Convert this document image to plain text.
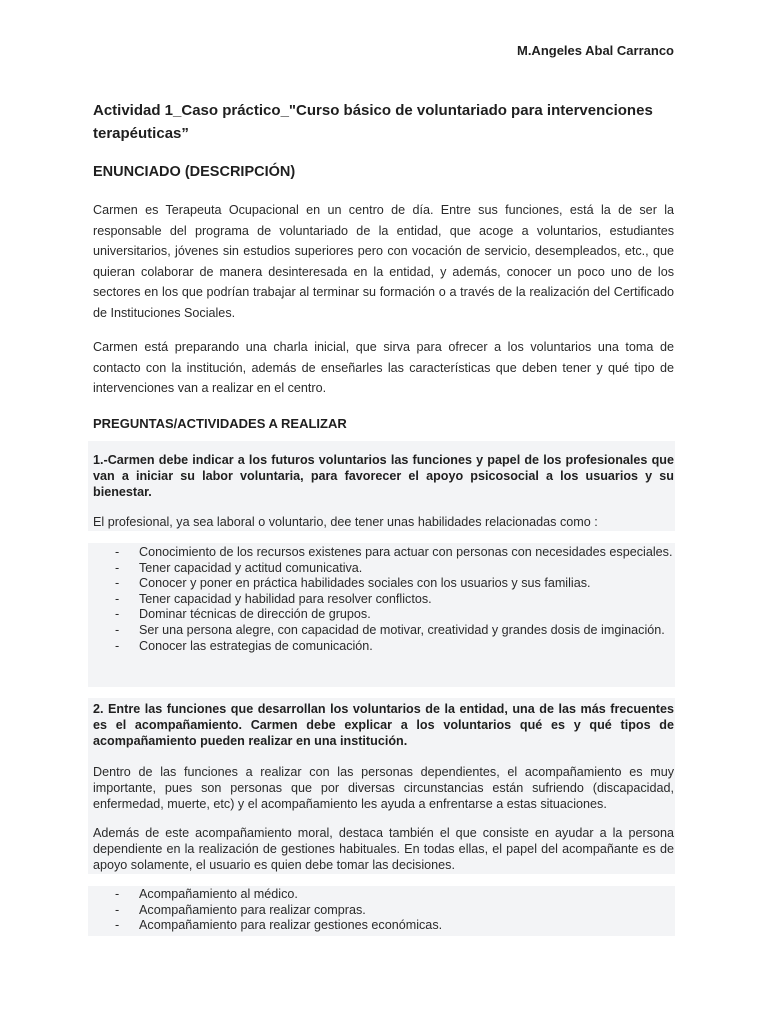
M.Angeles Abal Carranco
Actividad 1_Caso práctico_"Curso básico de voluntariado para intervenciones terapéuticas”
ENUNCIADO (DESCRIPCIÓN)
Carmen es Terapeuta Ocupacional en un centro de día. Entre sus funciones, está la de ser la responsable del programa de voluntariado de la entidad, que acoge a voluntarios, estudiantes universitarios, jóvenes sin estudios superiores pero con vocación de servicio, desempleados, etc., que quieran colaborar de manera desinteresada en la entidad, y además, conocer un poco uno de los sectores en los que podrían trabajar al terminar su formación o a través de la realización del Certificado de Instituciones Sociales.
Carmen está preparando una charla inicial, que sirva para ofrecer a los voluntarios una toma de contacto con la institución, además de enseñarles las características que deben tener y qué tipo de intervenciones van a realizar en el centro.
PREGUNTAS/ACTIVIDADES A REALIZAR
1.-Carmen debe indicar a los futuros voluntarios las funciones y papel de los profesionales que van a iniciar su labor voluntaria, para favorecer el apoyo psicosocial a los usuarios y su bienestar.
El profesional, ya sea laboral o voluntario, dee tener unas habilidades relacionadas como :
- Conocimiento de los recursos existenes para actuar con personas con necesidades especiales.
- Tener capacidad y actitud comunicativa.
- Conocer y poner en práctica habilidades sociales con los usuarios y sus familias.
- Tener capacidad y habilidad para resolver conflictos.
- Dominar técnicas de dirección de grupos.
- Ser una persona alegre, con capacidad de motivar, creatividad y grandes dosis de imginación.
- Conocer las estrategias de comunicación.
2. Entre las funciones que desarrollan los voluntarios de la entidad, una de las más frecuentes es el acompañamiento. Carmen debe explicar a los voluntarios qué es y qué tipos de acompañamiento pueden realizar en una institución.
Dentro de las funciones a realizar con las personas dependientes, el acompañamiento es muy importante, pues son personas que por diversas circunstancias están sufriendo (discapacidad, enfermedad, muerte, etc) y el acompañamiento les ayuda a enfrentarse a estas situaciones.
Además de este acompañamiento moral, destaca también el que consiste en ayudar a la persona dependiente en la realización de gestiones habituales. En todas ellas, el papel del acompañante es de apoyo solamente, el usuario es quien debe tomar las decisiones.
- Acompañamiento al médico.
- Acompañamiento para realizar compras.
- Acompañamiento para realizar gestiones económicas.
